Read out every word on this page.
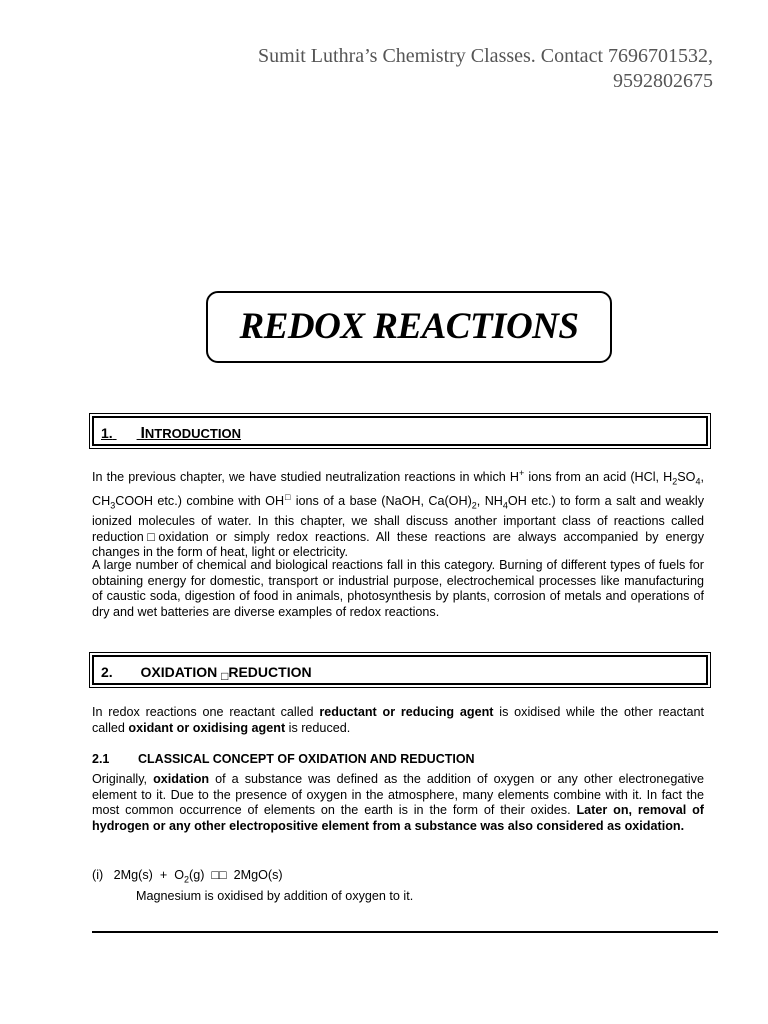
Sumit Luthra’s Chemistry Classes. Contact 7696701532,
9592802675
REDOX REACTIONS
1. INTRODUCTION
In the previous chapter, we have studied neutralization reactions in which H+ ions from an acid (HCl, $H_2SO_4$, $CH_3COOH$ etc.) combine with OH□ ions of a base (NaOH, $Ca(OH)_2$, $NH_4OH$ etc.) to form a salt and weakly ionized molecules of water. In this chapter, we shall discuss another important class of reactions called reduction□oxidation or simply redox reactions. All these reactions are always accompanied by energy changes in the form of heat, light or electricity.
A large number of chemical and biological reactions fall in this category. Burning of different types of fuels for obtaining energy for domestic, transport or industrial purpose, electrochemical processes like manufacturing of caustic soda, digestion of food in animals, photosynthesis by plants, corrosion of metals and operations of dry and wet batteries are diverse examples of redox reactions.
2. OXIDATION □REDUCTION
In redox reactions one reactant called reductant or reducing agent is oxidised while the other reactant called oxidant or oxidising agent is reduced.
2.1 CLASSICAL CONCEPT OF OXIDATION AND REDUCTION
Originally, oxidation of a substance was defined as the addition of oxygen or any other electronegative element to it. Due to the presence of oxygen in the atmosphere, many elements combine with it. In fact the most common occurrence of elements on the earth is in the form of their oxides. Later on, removal of hydrogen or any other electropositive element from a substance was also considered as oxidation.
(i)   $2Mg(s) + O_2(g)$  □□  2MgO(s)
Magnesium is oxidised by addition of oxygen to it.
